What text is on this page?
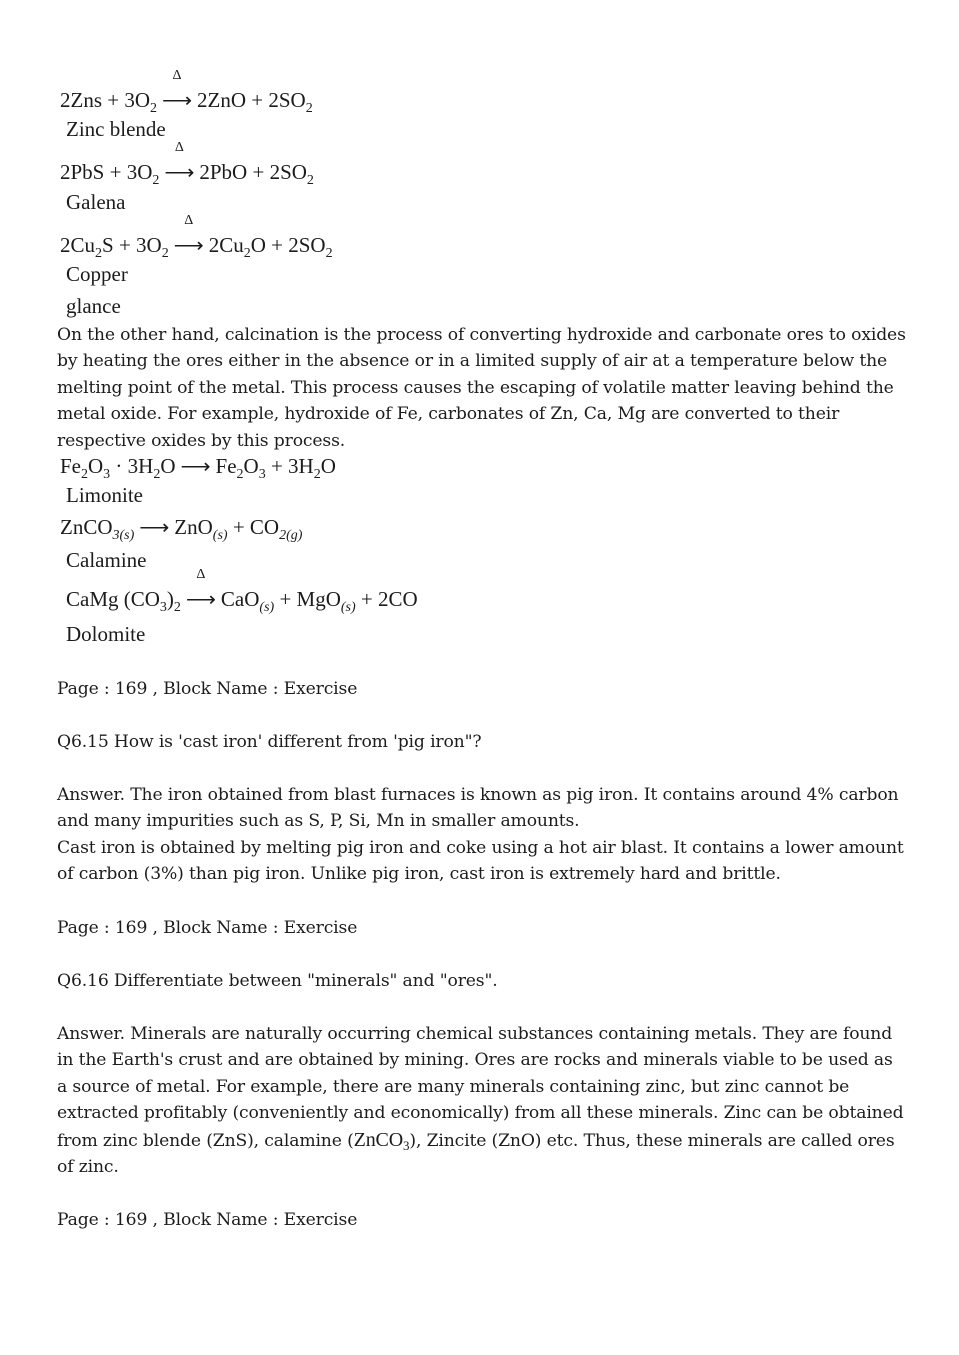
$2Zns + 3O_2$
Δ
⟶ $2ZnO + 2SO_2$
Zinc blende
$2PbS + 3O_2$
Δ
⟶ $2PbO + 2SO_2$
Galena
$2Cu_2S + 3O_2$
Δ
⟶ $2Cu_2O + 2SO_2$
Copper
glance

On the other hand, calcination is the process of converting hydroxide and carbonate ores to oxides by heating the ores either in the absence or in a limited supply of air at a temperature below the melting point of the metal. This process causes the escaping of volatile matter leaving behind the metal oxide. For example, hydroxide of Fe, carbonates of Zn, Ca, Mg are converted to their respective oxides by this process.

$Fe_2O_3 \cdot 3H_2O$ ⟶ $Fe_2O_3 + 3H_2O$
Limonite
ZnCO$_{3(s)}$ ⟶ $ZnO_{(s)} + CO_{2(g)}$
Calamine
CaMg $(CO_3)_2$
Δ
⟶ CaO$_{(s)}$ + MgO$_{(s)}$ + 2CO
Dolomite
Page : 169 , Block Name : Exercise
Q6.15 How is 'cast iron' different from 'pig iron"?

Answer. The iron obtained from blast furnaces is known as pig iron. It contains around 4% carbon and many impurities such as S, P, Si, Mn in smaller amounts.

Cast iron is obtained by melting pig iron and coke using a hot air blast. It contains a lower amount of carbon (3%) than pig iron. Unlike pig iron, cast iron is extremely hard and brittle.

Page : 169 , Block Name : Exercise
Q6.16 Differentiate between "minerals" and "ores".

Answer. Minerals are naturally occurring chemical substances containing metals. They are found in the Earth's crust and are obtained by mining. Ores are rocks and minerals viable to be used as a source of metal. For example, there are many minerals containing zinc, but zinc cannot be extracted profitably (conveniently and economically) from all these minerals. Zinc can be obtained from zinc blende (ZnS), calamine (ZnCO$_3$), Zincite (ZnO) etc. Thus, these minerals are called ores of zinc.

Page : 169 , Block Name : Exercise
